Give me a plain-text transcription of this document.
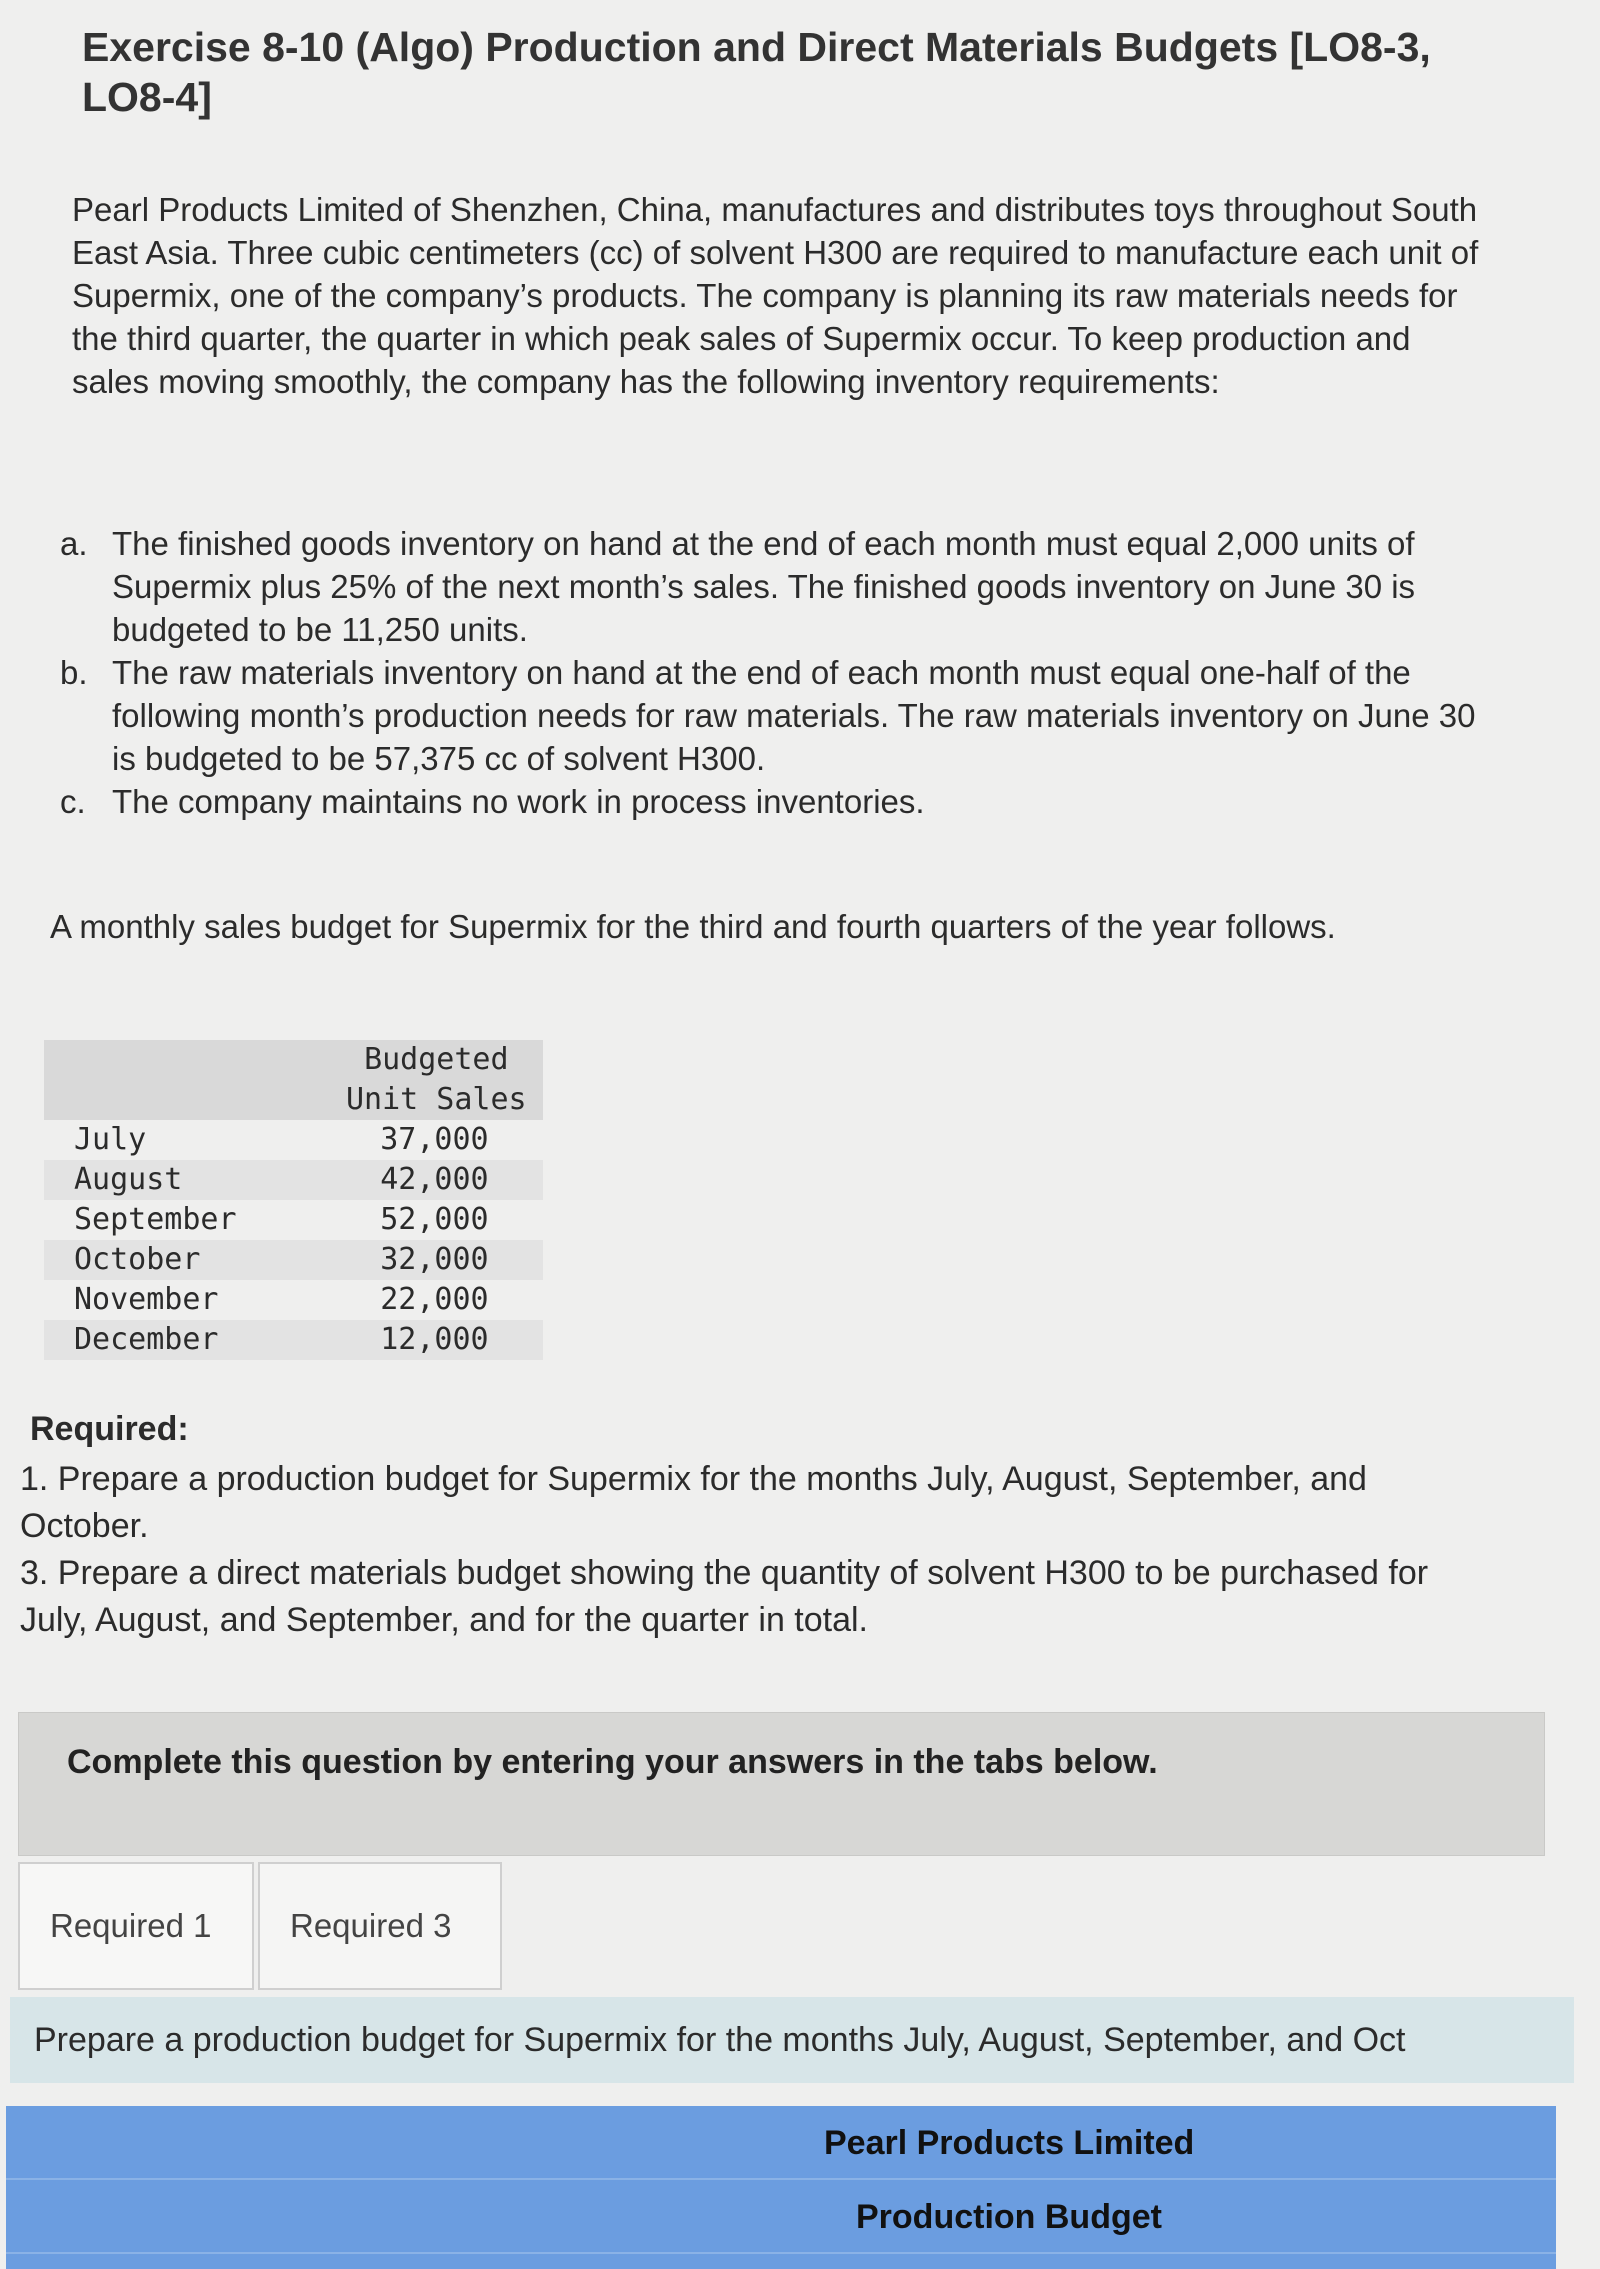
Exercise 8-10 (Algo) Production and Direct Materials Budgets [LO8-3, LO8-4]
Pearl Products Limited of Shenzhen, China, manufactures and distributes toys throughout South East Asia. Three cubic centimeters (cc) of solvent H300 are required to manufacture each unit of Supermix, one of the company’s products. The company is planning its raw materials needs for the third quarter, the quarter in which peak sales of Supermix occur. To keep production and sales moving smoothly, the company has the following inventory requirements:
a. The finished goods inventory on hand at the end of each month must equal 2,000 units of Supermix plus 25% of the next month’s sales. The finished goods inventory on June 30 is budgeted to be 11,250 units.
b. The raw materials inventory on hand at the end of each month must equal one-half of the following month’s production needs for raw materials. The raw materials inventory on June 30 is budgeted to be 57,375 cc of solvent H300.
c. The company maintains no work in process inventories.
A monthly sales budget for Supermix for the third and fourth quarters of the year follows.
	Budgeted
Unit Sales
July	37,000
August	42,000
September	52,000
October	32,000
November	22,000
December	12,000
Required:

1. Prepare a production budget for Supermix for the months July, August, September, and October.

3. Prepare a direct materials budget showing the quantity of solvent H300 to be purchased for July, August, and September, and for the quarter in total.

Complete this question by entering your answers in the tabs below.
Required 1	Required 3
Prepare a production budget for Supermix for the months July, August, September, and Oct
Pearl Products Limited
Production Budget
